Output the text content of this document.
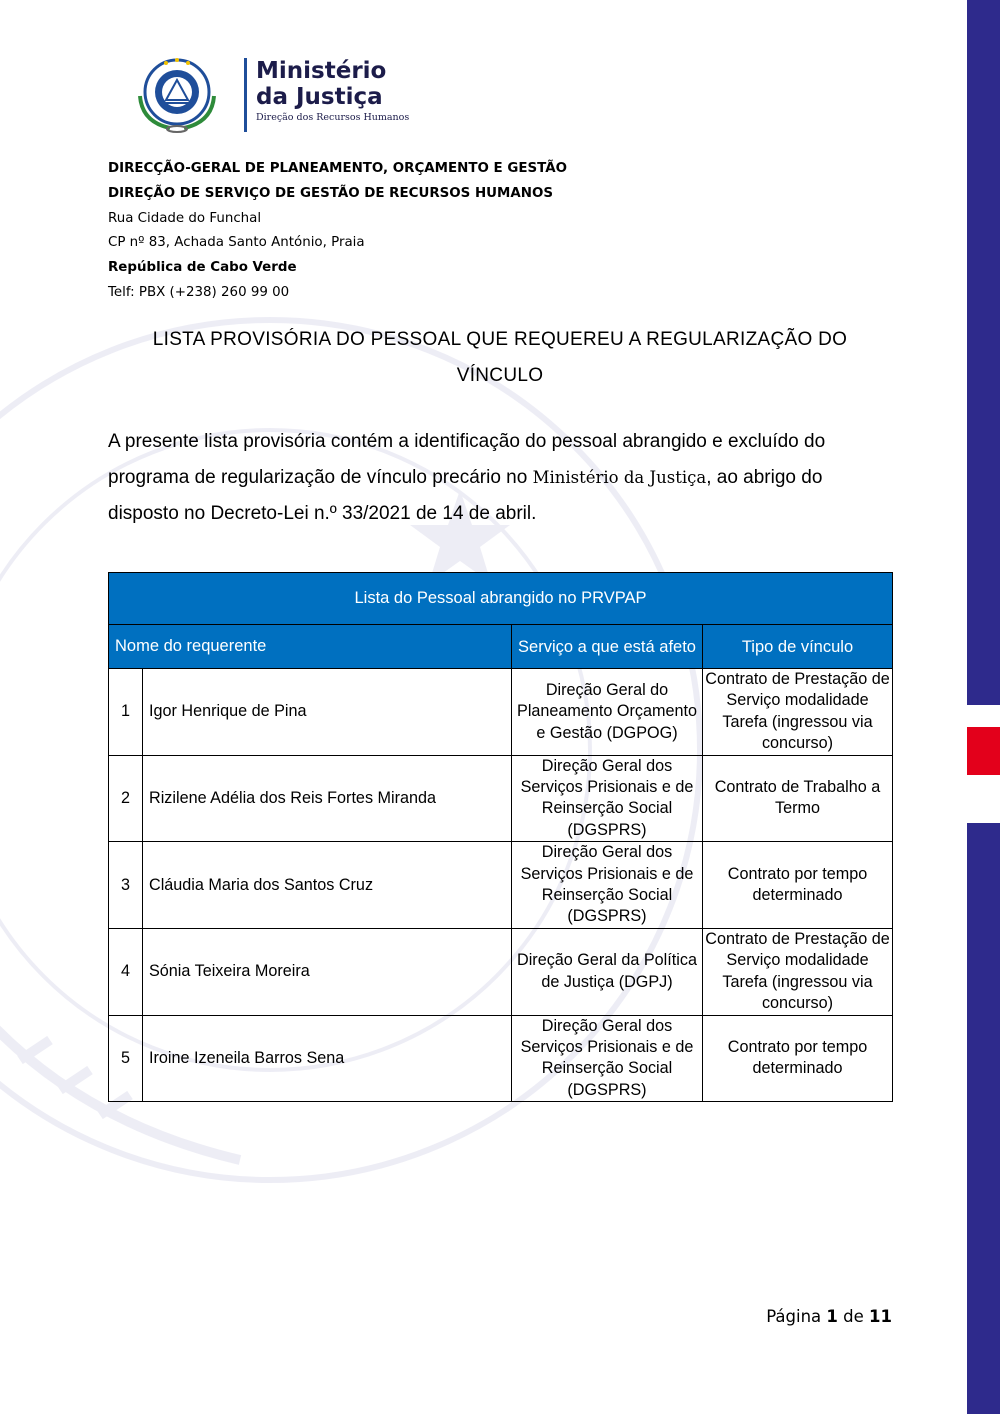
Ministério
da Justiça
Direção dos Recursos Humanos
DIRECÇÃO-GERAL DE PLANEAMENTO, ORÇAMENTO E GESTÃO
DIREÇÃO DE SERVIÇO DE GESTÃO DE RECURSOS HUMANOS
Rua Cidade do Funchal
CP nº 83, Achada Santo António, Praia
República de Cabo Verde
Telf: PBX (+238) 260 99 00
LISTA PROVISÓRIA DO PESSOAL QUE REQUEREU A REGULARIZAÇÃO DO
VÍNCULO
A presente lista provisória contém a identificação do pessoal abrangido e excluído do programa de regularização de vínculo precário no Ministério da Justiça, ao abrigo do disposto no Decreto-Lei n.º 33/2021 de 14 de abril.
Lista do Pessoal abrangido no PRVPAP			
Nome do requerente		Serviço a que está afeto	Tipo de vínculo
1	Igor Henrique de Pina	Direção Geral do Planeamento Orçamento e Gestão (DGPOG)	Contrato de Prestação de Serviço modalidade Tarefa (ingressou via concurso)
2	Rizilene Adélia dos Reis Fortes Miranda	Direção Geral dos Serviços Prisionais e de Reinserção Social (DGSPRS)	Contrato de Trabalho a Termo
3	Cláudia Maria dos Santos Cruz	Direção Geral dos Serviços Prisionais e de Reinserção Social (DGSPRS)	Contrato por tempo determinado
4	Sónia Teixeira Moreira	Direção Geral da Política de Justiça (DGPJ)	Contrato de Prestação de Serviço modalidade Tarefa (ingressou via concurso)
5	Iroine Izeneila Barros Sena	Direção Geral dos Serviços Prisionais e de Reinserção Social (DGSPRS)	Contrato por tempo determinado
Página 1 de 11
